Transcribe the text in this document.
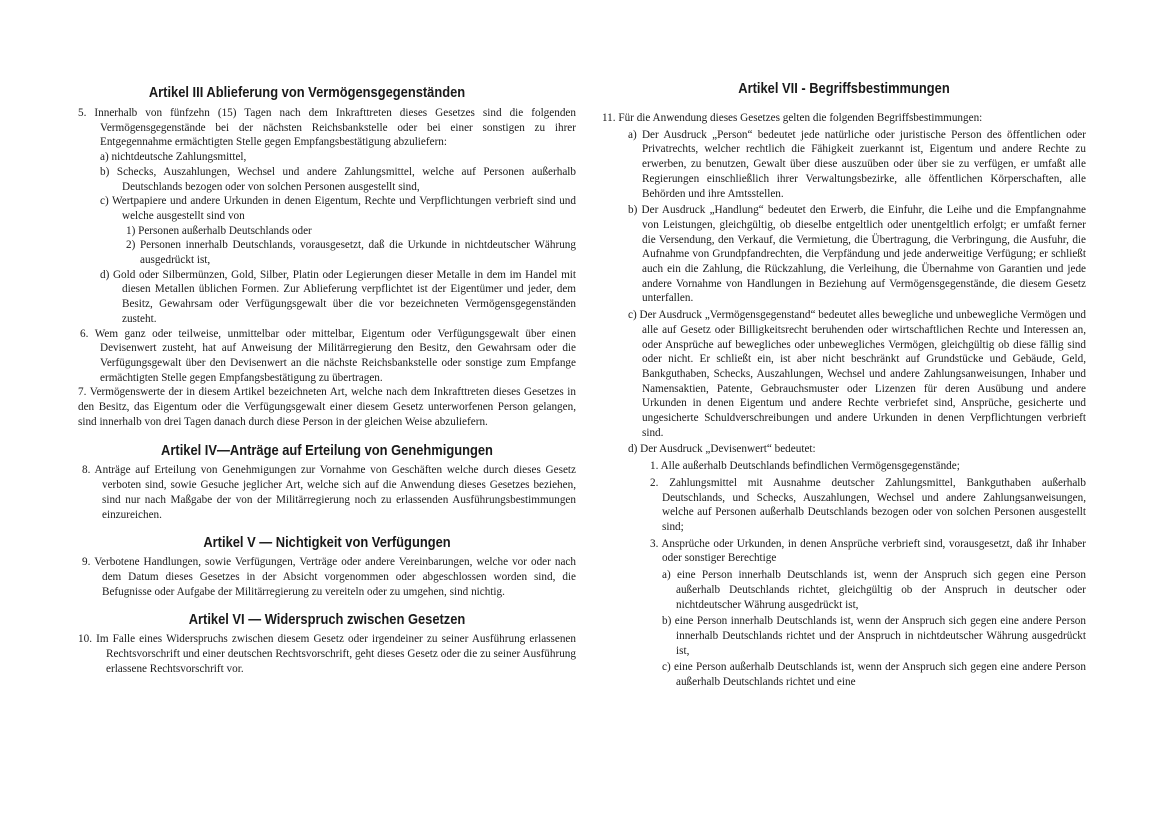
Artikel III Ablieferung von Vermögensgegenständen

5. Innerhalb von fünfzehn (15) Tagen nach dem Inkrafttreten dieses Gesetzes sind die folgenden Vermögensgegenstände bei der nächsten Reichsbankstelle oder bei einer sonstigen zu ihrer Entgegennahme ermächtigten Stelle gegen Empfangsbestätigung abzuliefern:

a) nichtdeutsche Zahlungsmittel,

b) Schecks, Auszahlungen, Wechsel und andere Zahlungsmittel, welche auf Personen außerhalb Deutschlands bezogen oder von solchen Personen ausgestellt sind,

c) Wertpapiere und andere Urkunden in denen Eigentum, Rechte und Verpflichtungen verbrieft sind und welche ausgestellt sind von

1) Personen außerhalb Deutschlands oder

2) Personen innerhalb Deutschlands, vorausgesetzt, daß die Urkunde in nichtdeutscher Währung ausgedrückt ist,

d) Gold oder Silbermünzen, Gold, Silber, Platin oder Legierungen dieser Metalle in dem im Handel mit diesen Metallen üblichen Formen. Zur Ablieferung verpflichtet ist der Eigentümer und jeder, dem Besitz, Gewahrsam oder Verfügungsgewalt über die vor bezeichneten Vermögensgegenständen zusteht.

6. Wem ganz oder teilweise, unmittelbar oder mittelbar, Eigentum oder Verfügungsgewalt über einen Devisenwert zusteht, hat auf Anweisung der Militärregierung den Besitz, den Gewahrsam oder die Verfügungsgewalt über den Devisenwert an die nächste Reichsbankstelle oder sonstige zum Empfange ermächtigten Stelle gegen Empfangsbestätigung zu übertragen.

7. Vermögenswerte der in diesem Artikel bezeichneten Art, welche nach dem Inkrafttreten dieses Gesetzes in den Besitz, das Eigentum oder die Verfügungsgewalt einer diesem Gesetz unterworfenen Person gelangen, sind innerhalb von drei Tagen danach durch diese Person in der gleichen Weise abzuliefern.

Artikel IV—Anträge auf Erteilung von Genehmigungen

8. Anträge auf Erteilung von Genehmigungen zur Vornahme von Geschäften welche durch dieses Gesetz verboten sind, sowie Gesuche jeglicher Art, welche sich auf die Anwendung dieses Gesetzes beziehen, sind nur nach Maßgabe der von der Militärregierung noch zu erlassenden Ausführungsbestimmungen einzureichen.

Artikel V — Nichtigkeit von Verfügungen

9. Verbotene Handlungen, sowie Verfügungen, Verträge oder andere Vereinbarungen, welche vor oder nach dem Datum dieses Gesetzes in der Absicht vorgenommen oder abgeschlossen worden sind, die Befugnisse oder Aufgabe der Militärregierung zu vereiteln oder zu umgehen, sind nichtig.

Artikel VI — Widerspruch zwischen Gesetzen

10. Im Falle eines Widerspruchs zwischen diesem Gesetz oder irgendeiner zu seiner Ausführung erlassenen Rechtsvorschrift und einer deutschen Rechtsvorschrift, geht dieses Gesetz oder die zu seiner Ausführung erlassene Rechtsvorschrift vor.

Artikel VII - Begriffsbestimmungen

11. Für die Anwendung dieses Gesetzes gelten die folgenden Begriffsbestimmungen:

a) Der Ausdruck „Person“ bedeutet jede natürliche oder juristische Person des öffentlichen oder Privatrechts, welcher rechtlich die Fähigkeit zuerkannt ist, Eigentum und andere Rechte zu erwerben, zu benutzen, Gewalt über diese auszuüben oder über sie zu verfügen, er umfaßt alle Regierungen einschließlich ihrer Verwaltungsbezirke, alle öffentlichen Körperschaften, alle Behörden und ihre Amtsstellen.

b) Der Ausdruck „Handlung“ bedeutet den Erwerb, die Einfuhr, die Leihe und die Empfangnahme von Leistungen, gleichgültig, ob dieselbe entgeltlich oder unentgeltlich erfolgt; er umfaßt ferner die Versendung, den Verkauf, die Vermietung, die Übertragung, die Verbringung, die Ausfuhr, die Aufnahme von Grundpfandrechten, die Verpfändung und jede anderweitige Verfügung; er schließt auch ein die Zahlung, die Rückzahlung, die Verleihung, die Übernahme von Garantien und jede andere Vornahme von Handlungen in Beziehung auf Vermögensgegenstände, die diesem Gesetz unterfallen.

c) Der Ausdruck „Vermögensgegenstand“ bedeutet alles bewegliche und unbewegliche Vermögen und alle auf Gesetz oder Billigkeitsrecht beruhenden oder wirtschaftlichen Rechte und Interessen an, oder Ansprüche auf bewegliches oder unbewegliches Vermögen, gleichgültig ob diese fällig sind oder nicht. Er schließt ein, ist aber nicht beschränkt auf Grundstücke und Gebäude, Geld, Bankguthaben, Schecks, Auszahlungen, Wechsel und andere Zahlungsanweisungen, Inhaber und Namensaktien, Patente, Gebrauchsmuster oder Lizenzen für deren Ausübung und andere Urkunden in denen Eigentum und andere Rechte verbriefet sind, Ansprüche, gesicherte und ungesicherte Schuldverschreibungen und andere Urkunden in denen Verpflichtungen verbrieft sind.

d) Der Ausdruck „Devisenwert“ bedeutet:

1. Alle außerhalb Deutschlands befindlichen Vermögensgegenstände;

2. Zahlungsmittel mit Ausnahme deutscher Zahlungsmittel, Bankguthaben außerhalb Deutschlands, und Schecks, Auszahlungen, Wechsel und andere Zahlungsanweisungen, welche auf Personen außerhalb Deutschlands bezogen oder von solchen Personen ausgestellt sind;

3. Ansprüche oder Urkunden, in denen Ansprüche verbrieft sind, vorausgesetzt, daß ihr Inhaber oder sonstiger Berechtige

a) eine Person innerhalb Deutschlands ist, wenn der Anspruch sich gegen eine Person außerhalb Deutschlands richtet, gleichgültig ob der Anspruch in deutscher oder nichtdeutscher Währung ausgedrückt ist,

b) eine Person innerhalb Deutschlands ist, wenn der Anspruch sich gegen eine andere Person innerhalb Deutschlands richtet und der Anspruch in nichtdeutscher Währung ausgedrückt ist,

c) eine Person außerhalb Deutschlands ist, wenn der Anspruch sich gegen eine andere Person außerhalb Deutschlands richtet und eine
